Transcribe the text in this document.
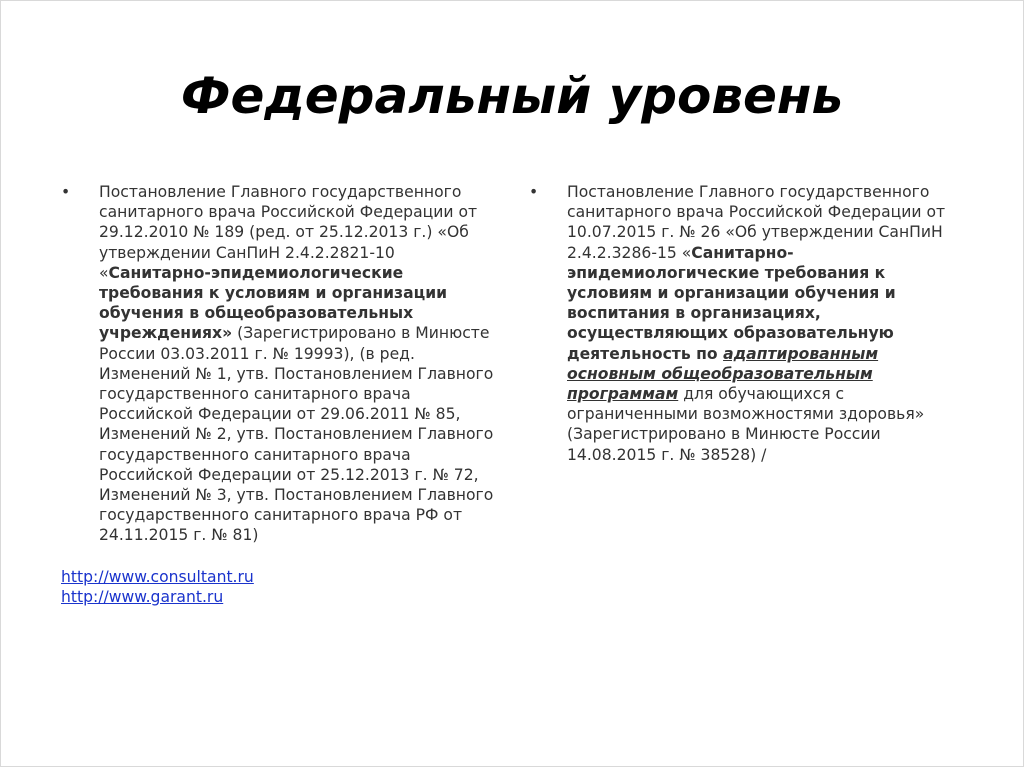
Федеральный уровень
• Постановление Главного государственного санитарного врача Российской Федерации от 29.12.2010 № 189 (ред. от 25.12.2013 г.) «Об утверждении СанПиН 2.4.2.2821-10 «Санитарно-эпидемиологические требования к условиям и организации обучения в общеобразовательных учреждениях» (Зарегистрировано в Минюсте России 03.03.2011 г. № 19993), (в ред. Изменений № 1, утв. Постановлением Главного государственного санитарного врача Российской Федерации от 29.06.2011 № 85, Изменений № 2, утв. Постановлением Главного государственного санитарного врача Российской Федерации от 25.12.2013 г. № 72, Изменений № 3, утв. Постановлением Главного государственного санитарного врача РФ от 24.11.2015 г. № 81)
http://www.consultant.ru
http://www.garant.ru
• Постановление Главного государственного санитарного врача Российской Федерации от 10.07.2015 г. № 26 «Об утверждении СанПиН 2.4.2.3286-15 «Санитарно-эпидемиологические требования к условиям и организации обучения и воспитания в организациях, осуществляющих образовательную деятельность по адаптированным основным общеобразовательным программам для обучающихся с ограниченными возможностями здоровья» (Зарегистрировано в Минюсте России 14.08.2015 г. № 38528) /
